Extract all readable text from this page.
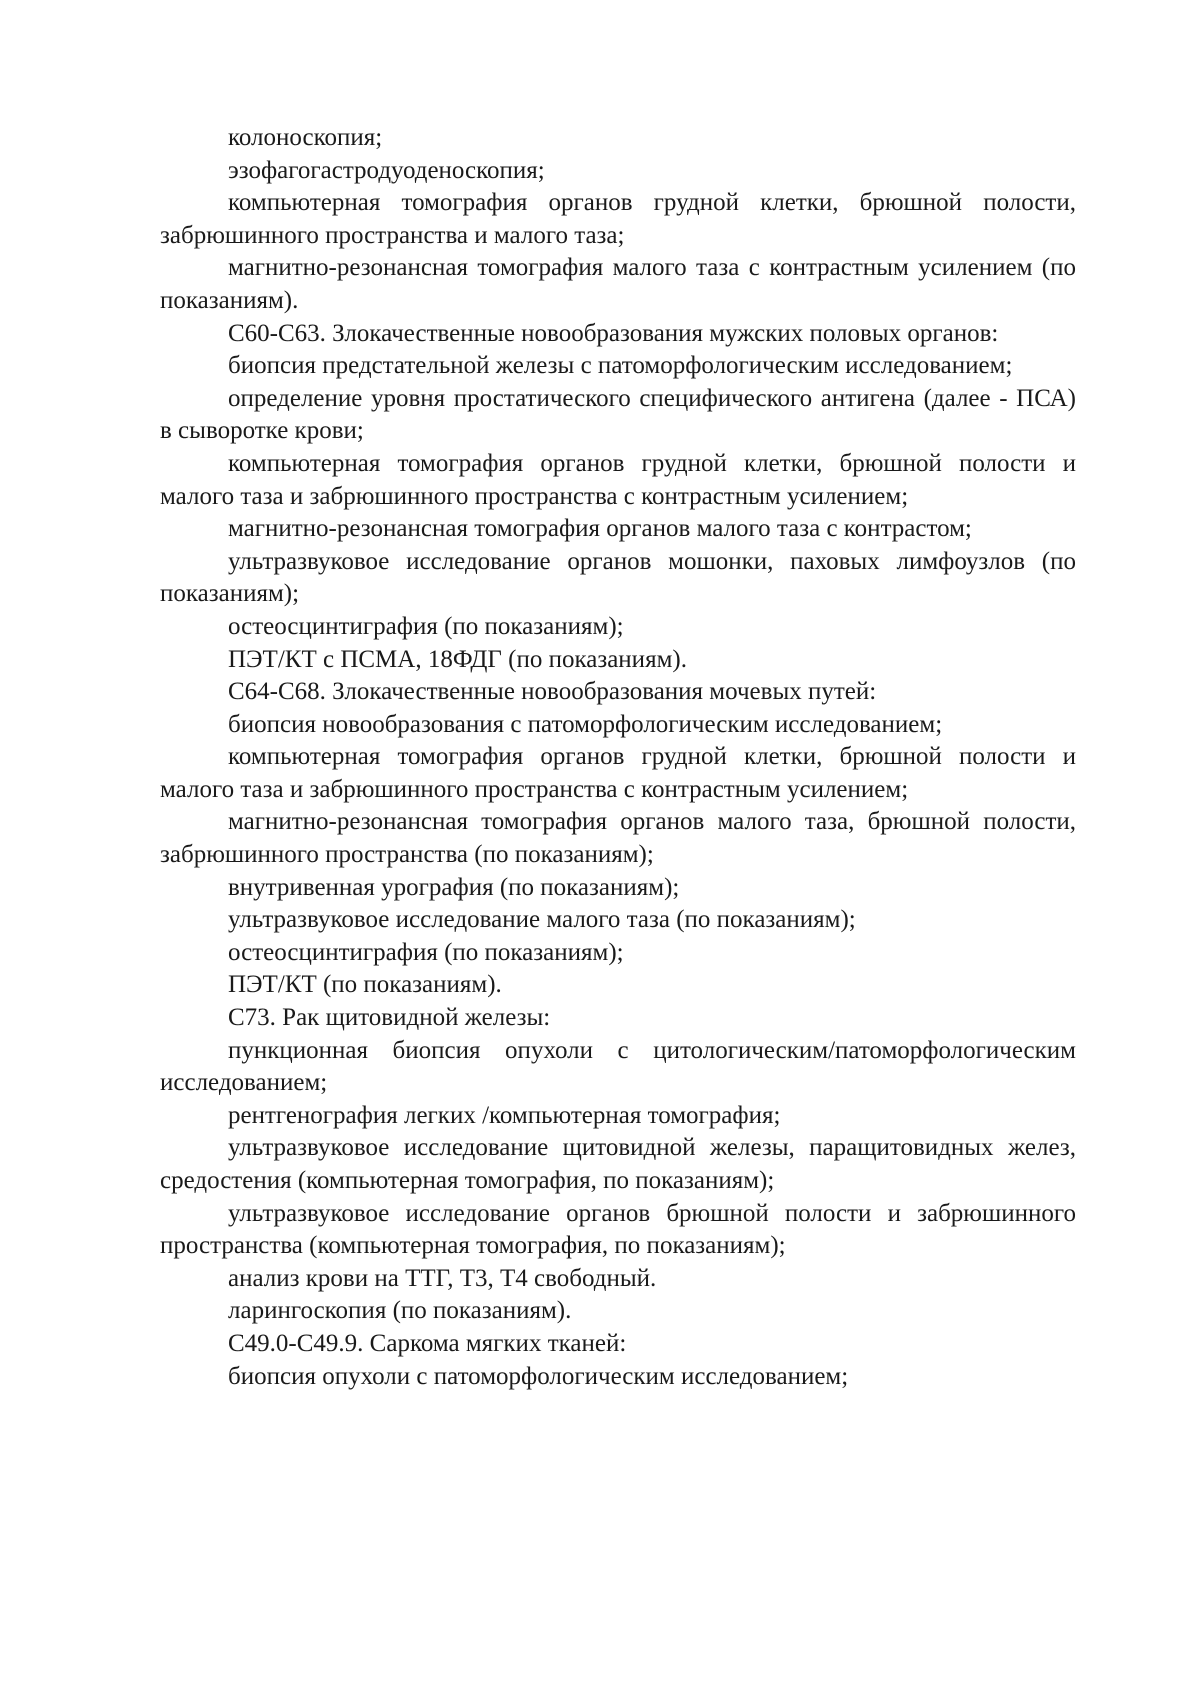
колоноскопия;

эзофагогастродуоденоскопия;

компьютерная томография органов грудной клетки, брюшной полости, забрюшинного пространства и малого таза;

магнитно-резонансная томография малого таза с контрастным усилением (по показаниям).

С60-С63. Злокачественные новообразования мужских половых органов:

биопсия предстательной железы с патоморфологическим исследованием;

определение уровня простатического специфического антигена (далее - ПСА) в сыворотке крови;

компьютерная томография органов грудной клетки, брюшной полости и малого таза и забрюшинного пространства с контрастным усилением;

магнитно-резонансная томография органов малого таза с контрастом;

ультразвуковое исследование органов мошонки, паховых лимфоузлов (по показаниям);

остеосцинтиграфия (по показаниям);

ПЭТ/КТ с ПСМА, 18ФДГ (по показаниям).

С64-С68. Злокачественные новообразования мочевых путей:

биопсия новообразования с патоморфологическим исследованием;

компьютерная томография органов грудной клетки, брюшной полости и малого таза и забрюшинного пространства с контрастным усилением;

магнитно-резонансная томография органов малого таза, брюшной полости, забрюшинного пространства (по показаниям);

внутривенная урография (по показаниям);

ультразвуковое исследование малого таза (по показаниям);

остеосцинтиграфия (по показаниям);

ПЭТ/КТ (по показаниям).

С73. Рак щитовидной железы:

пункционная биопсия опухоли с цитологическим/патоморфологическим исследованием;

рентгенография легких /компьютерная томография;

ультразвуковое исследование щитовидной железы, паращитовидных желез, средостения (компьютерная томография, по показаниям);

ультразвуковое исследование органов брюшной полости и забрюшинного пространства (компьютерная томография, по показаниям);

анализ крови на ТТГ, Т3, Т4 свободный.

ларингоскопия (по показаниям).

С49.0-С49.9. Саркома мягких тканей:

биопсия опухоли с патоморфологическим исследованием;
